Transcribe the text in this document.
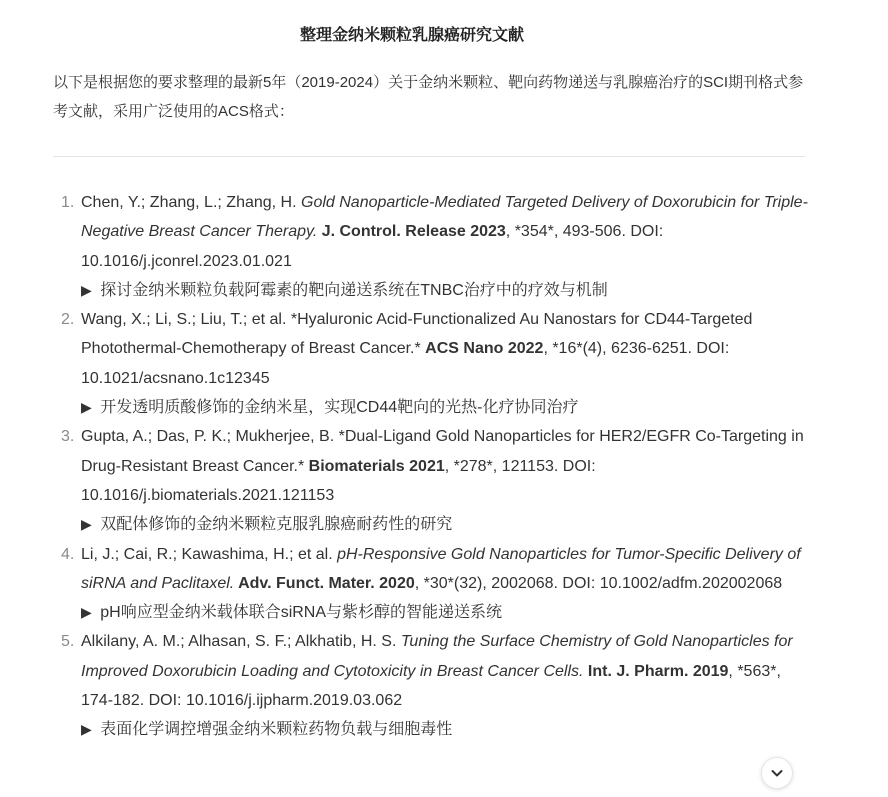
整理金纳米颗粒乳腺癌研究文献
以下是根据您的要求整理的最新5年（2019-2024）关于金纳米颗粒、靶向药物递送与乳腺癌治疗的SCI期刊格式参考文献，采用广泛使用的ACS格式：
1. Chen, Y.; Zhang, L.; Zhang, H. Gold Nanoparticle-Mediated Targeted Delivery of Doxorubicin for Triple-Negative Breast Cancer Therapy. J. Control. Release 2023, *354*, 493-506. DOI: 10.1016/j.jconrel.2023.01.021
▶ 探讨金纳米颗粒负载阿霉素的靶向递送系统在TNBC治疗中的疗效与机制
2. Wang, X.; Li, S.; Liu, T.; et al. *Hyaluronic Acid-Functionalized Au Nanostars for CD44-Targeted Photothermal-Chemotherapy of Breast Cancer.* ACS Nano 2022, *16*(4), 6236-6251. DOI: 10.1021/acsnano.1c12345
▶ 开发透明质酸修饰的金纳米星，实现CD44靶向的光热-化疗协同治疗
3. Gupta, A.; Das, P. K.; Mukherjee, B. *Dual-Ligand Gold Nanoparticles for HER2/EGFR Co-Targeting in Drug-Resistant Breast Cancer.* Biomaterials 2021, *278*, 121153. DOI: 10.1016/j.biomaterials.2021.121153
▶ 双配体修饰的金纳米颗粒克服乳腺癌耐药性的研究
4. Li, J.; Cai, R.; Kawashima, H.; et al. pH-Responsive Gold Nanoparticles for Tumor-Specific Delivery of siRNA and Paclitaxel. Adv. Funct. Mater. 2020, *30*(32), 2002068. DOI: 10.1002/adfm.202002068
▶ pH响应型金纳米载体联合siRNA与紫杉醇的智能递送系统
5. Alkilany, A. M.; Alhasan, S. F.; Alkhatib, H. S. Tuning the Surface Chemistry of Gold Nanoparticles for Improved Doxorubicin Loading and Cytotoxicity in Breast Cancer Cells. Int. J. Pharm. 2019, *563*, 174-182. DOI: 10.1016/j.ijpharm.2019.03.062
▶ 表面化学调控增强金纳米颗粒药物负载与细胞毒性
